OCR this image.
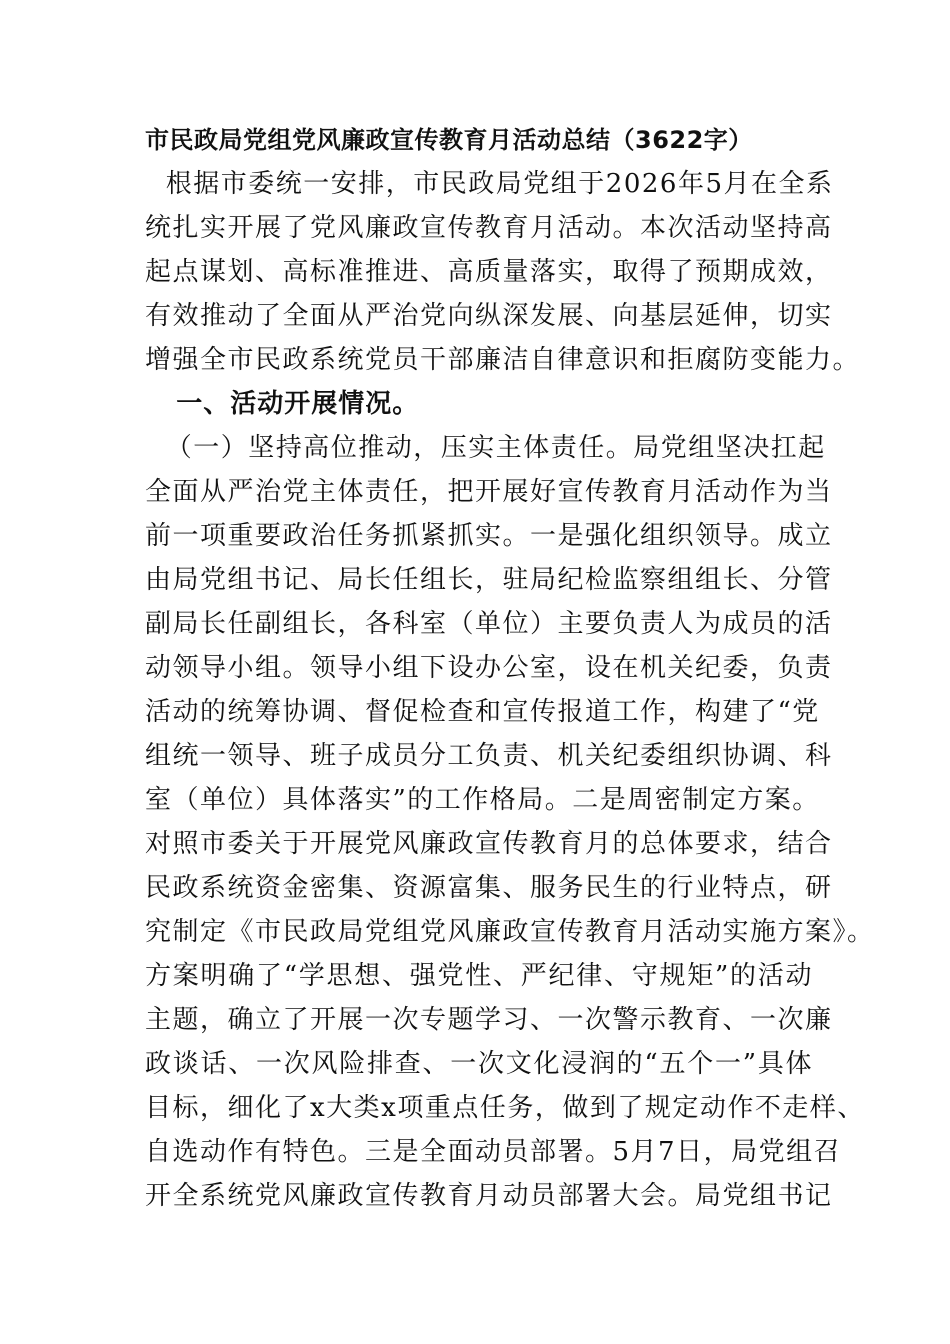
市民政局党组党风廉政宣传教育月活动总结（3622字）
根据市委统一安排，市民政局党组于2026年5月在全系
统扎实开展了党风廉政宣传教育月活动。本次活动坚持高
起点谋划、高标准推进、高质量落实，取得了预期成效，
有效推动了全面从严治党向纵深发展、向基层延伸，切实
增强全市民政系统党员干部廉洁自律意识和拒腐防变能力。
一、活动开展情况。
（一）坚持高位推动，压实主体责任。局党组坚决扛起
全面从严治党主体责任，把开展好宣传教育月活动作为当
前一项重要政治任务抓紧抓实。一是强化组织领导。成立
由局党组书记、局长任组长，驻局纪检监察组组长、分管
副局长任副组长，各科室（单位）主要负责人为成员的活
动领导小组。领导小组下设办公室，设在机关纪委，负责
活动的统筹协调、督促检查和宣传报道工作，构建了“党
组统一领导、班子成员分工负责、机关纪委组织协调、科
室（单位）具体落实”的工作格局。二是周密制定方案。
对照市委关于开展党风廉政宣传教育月的总体要求，结合
民政系统资金密集、资源富集、服务民生的行业特点，研
究制定《市民政局党组党风廉政宣传教育月活动实施方案》。
方案明确了“学思想、强党性、严纪律、守规矩”的活动
主题，确立了开展一次专题学习、一次警示教育、一次廉
政谈话、一次风险排查、一次文化浸润的“五个一”具体
目标，细化了x大类x项重点任务，做到了规定动作不走样、
自选动作有特色。三是全面动员部署。5月7日，局党组召
开全系统党风廉政宣传教育月动员部署大会。局党组书记
